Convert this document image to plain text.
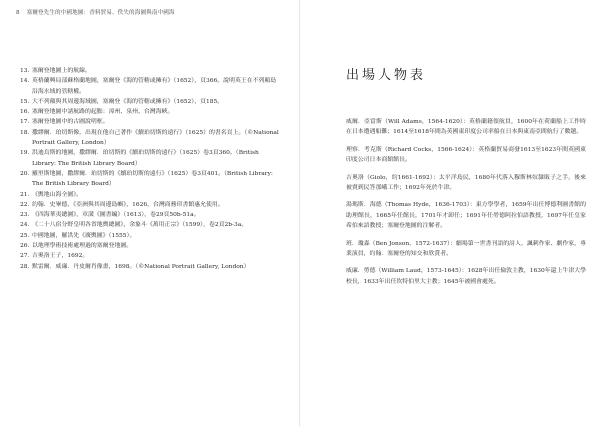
8 塞爾登先生的中國地圖：香料貿易、佚失的海圖與南中國海
13. 塞爾登地圖上的航線。
14. 英格蘭興局部蘇格蘭地圖，塞爾登《海的管轄或擁有》（1652），頁366。說明英王在不列顛島沿海水域的管轄權。
15. 大不列顛與其周邊海域圖，塞爾登《海的管轄或擁有》（1652），頁185。
16. 塞爾登地圖中諸航路的起點：漳州、泉州、台灣海峽。
17. 塞爾登地圖中的古圖說明框。
18. 撒繆爾．珀切斯像，出現在他自己著作《續珀切斯的遠行》（1625）的書名頁上。（©National Portrait Gallery, London）
19. 洪迪烏斯的地圖，撒繆爾．珀切斯的《續珀切斯的遠行》（1625）卷3頁360。（British Library: The British Library Board）
20. 羅里斯地圖，撒繆爾．珀切斯的《續珀切斯的遠行》（1625）卷3頁401。（British Library: The British Library Board）
21. 《輿地山海全圖》。
22. 約翰．史畢德，《亞洲與其周邊島嶼》，1626，台灣商務印書館惠允使用。
23. 《四海華夷總圖》，章潢《圖書編》（1613），卷29頁50b-51a。
24. 《二十八宿分野皇明各省地輿總圖》，余象斗《萬用正宗》（1599），卷2頁2b-3a。
25. 中國地圖，羅洪先《廣輿圖》（1555）。
26. 以地理學術技術處理過的塞爾登地圖。
27. 吉奧洛王子，1692。
28. 默雷爾．威廉．丹皮爾肖像畫，1698。（©National Portrait Gallery, London）
出場人物表

威爾．亞當斯（Will Adams，1564-1620）：英格蘭籍領航員，1600年在荷蘭船上工作時在日本遭遇船難；1614至1618年間為英國東印度公司率船在日本與東南亞間航行了數趟。

理察．考克斯（Richard Cocks，1566-1624）：英格蘭貿易商發1613至1623年間英國東印度公司日本商館館長。

吉奧洛（Giolo，約1661-1692）：太平洋島民，1680年代落入穆斯林奴隸販子之手，後來被賣到民答那峨工作；1692年死於牛津。

湯瑪斯．海德（Thomas Hyde，1636-1703）：東方學學者，1659年出任博德利圖書館的助理館長，1665年任館長，1701年才卸任；1691年任勞德阿拉伯語教授，1697年任皇家希伯來語教授；塞爾登地圖的注解者。

班．瓊森（Ben Jonson，1572-1637）：劇場第一世書刊語的詩人、諷刺作家、劇作家，專業演員，約翰．塞爾登的知交和欣賞者。

威廉．勞德（William Laud，1573-1645）：1628年出任倫敦主教，1630年還上牛津大學校長，1633年出任坎特伯里大主教；1645年被國會處死。
